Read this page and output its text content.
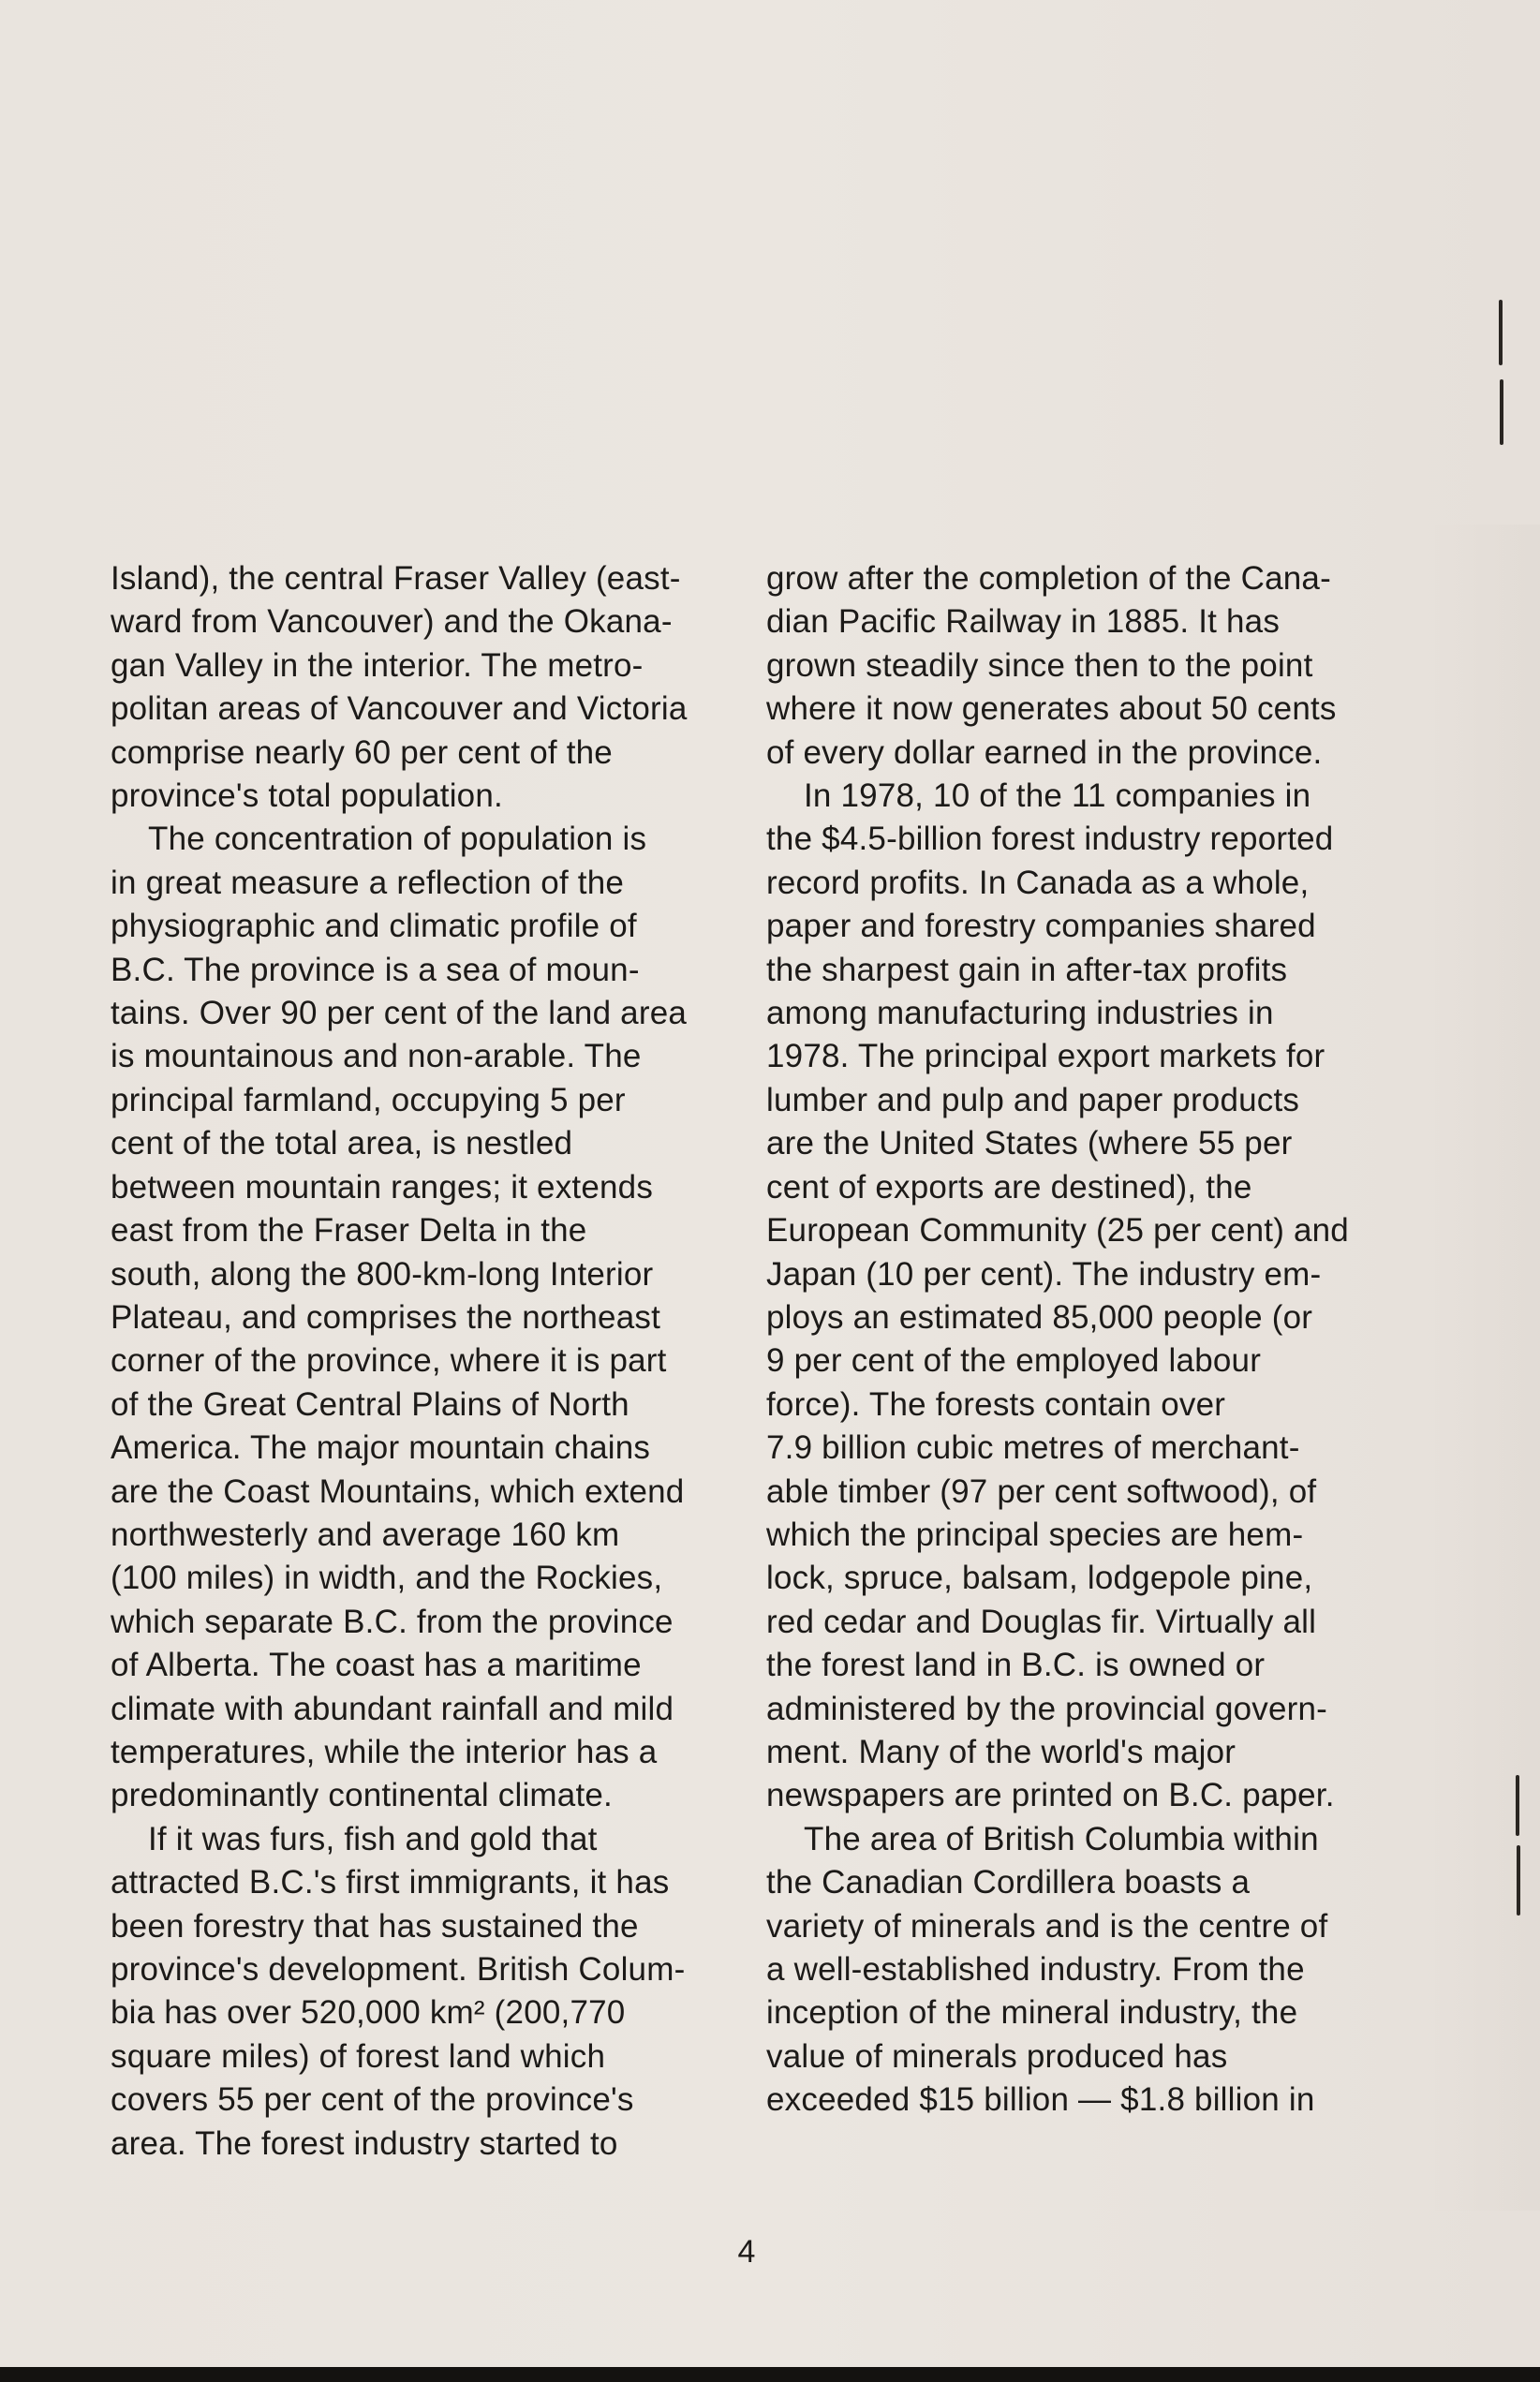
Island), the central Fraser Valley (east-
ward from Vancouver) and the Okana-
gan Valley in the interior. The metro-
politan areas of Vancouver and Victoria
comprise nearly 60 per cent of the
province's total population.
The concentration of population is
in great measure a reflection of the
physiographic and climatic profile of
B.C. The province is a sea of moun-
tains. Over 90 per cent of the land area
is mountainous and non-arable. The
principal farmland, occupying 5 per
cent of the total area, is nestled
between mountain ranges; it extends
east from the Fraser Delta in the
south, along the 800-km-long Interior
Plateau, and comprises the northeast
corner of the province, where it is part
of the Great Central Plains of North
America. The major mountain chains
are the Coast Mountains, which extend
northwesterly and average 160 km
(100 miles) in width, and the Rockies,
which separate B.C. from the province
of Alberta. The coast has a maritime
climate with abundant rainfall and mild
temperatures, while the interior has a
predominantly continental climate.
If it was furs, fish and gold that
attracted B.C.'s first immigrants, it has
been forestry that has sustained the
province's development. British Colum-
bia has over 520,000 km² (200,770
square miles) of forest land which
covers 55 per cent of the province's
area. The forest industry started to
grow after the completion of the Cana-
dian Pacific Railway in 1885. It has
grown steadily since then to the point
where it now generates about 50 cents
of every dollar earned in the province.
In 1978, 10 of the 11 companies in
the $4.5-billion forest industry reported
record profits. In Canada as a whole,
paper and forestry companies shared
the sharpest gain in after-tax profits
among manufacturing industries in
1978. The principal export markets for
lumber and pulp and paper products
are the United States (where 55 per
cent of exports are destined), the
European Community (25 per cent) and
Japan (10 per cent). The industry em-
ploys an estimated 85,000 people (or
9 per cent of the employed labour
force). The forests contain over
7.9 billion cubic metres of merchant-
able timber (97 per cent softwood), of
which the principal species are hem-
lock, spruce, balsam, lodgepole pine,
red cedar and Douglas fir. Virtually all
the forest land in B.C. is owned or
administered by the provincial govern-
ment. Many of the world's major
newspapers are printed on B.C. paper.
The area of British Columbia within
the Canadian Cordillera boasts a
variety of minerals and is the centre of
a well-established industry. From the
inception of the mineral industry, the
value of minerals produced has
exceeded $15 billion — $1.8 billion in
4
